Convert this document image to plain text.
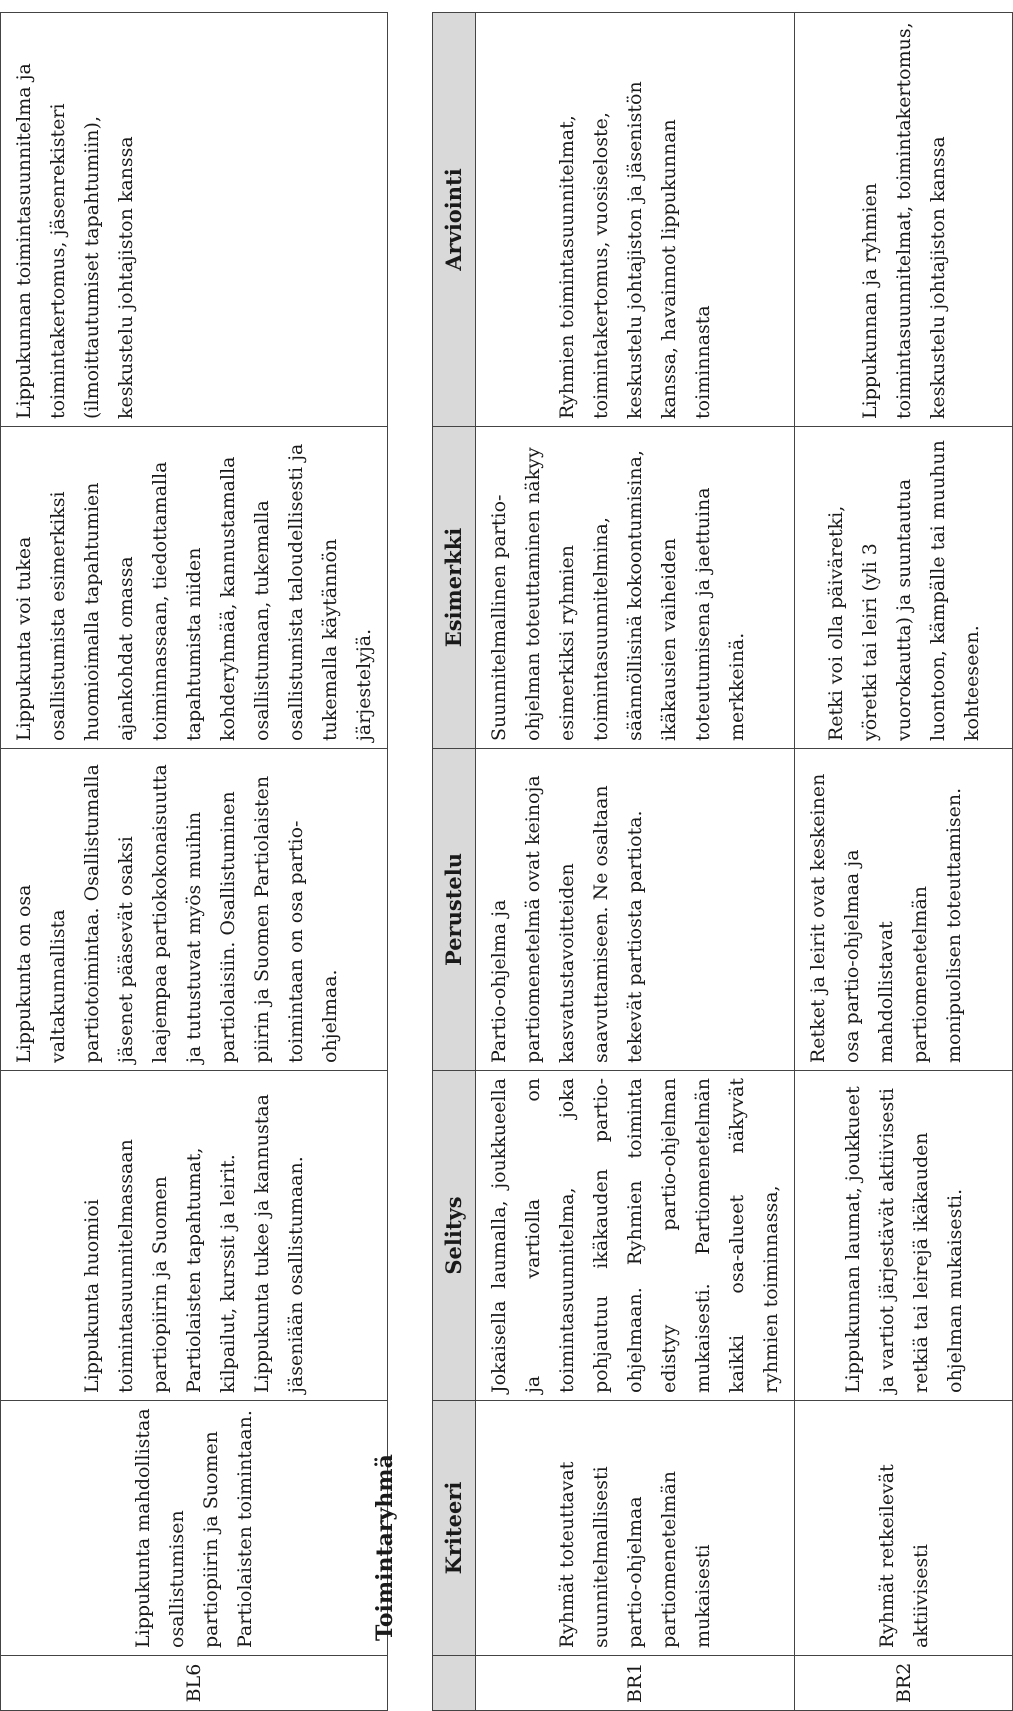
BL6	Lippukunta mahdollistaa osallistumisen partiopiirin ja Suomen Partiolaisten toimintaan.	Lippukunta huomioi toimintasuunnitelmassaan partiopiirin ja Suomen Partiolaisten tapahtumat, kilpailut, kurssit ja leirit. Lippukunta tukee ja kannustaa jäseniään osallistumaan.	Lippukunta on osa valtakunnallista partiotoimintaa. Osallistumalla jäsenet pääsevät osaksi laajempaa partiokokonaisuutta ja tutustuvat myös muihin partiolaisiin. Osallistuminen piirin ja Suomen Partiolaisten toimintaan on osa partio-ohjelmaa.	Lippukunta voi tukea osallistumista esimerkiksi huomioimalla tapahtumien ajankohdat omassa toiminnassaan, tiedottamalla tapahtumista niiden kohderyhmää, kannustamalla osallistumaan, tukemalla osallistumista taloudellisesti ja tukemalla käytännön järjestelyjä.	Lippukunnan toimintasuunnitelma ja toimintakertomus, jäsenrekisteri (ilmoittautumiset tapahtumiin), keskustelu johtajiston kanssa
Toimintaryhmä
	Kriteeri	Selitys	Perustelu	Esimerkki	Arviointi
BR1	Ryhmät toteuttavat suunnitelmallisesti partio-ohjelmaa partiomenetelmän mukaisesti	Jokaisella laumalla, joukkueella ja vartiolla on toimintasuunnitelma, joka pohjautuu ikäkauden partio-ohjelmaan. Ryhmien toiminta edistyy partio-ohjelman mukaisesti. Partiomenetelmän kaikki osa-alueet näkyvät ryhmien toiminnassa,	Partio-ohjelma ja partiomenetelmä ovat keinoja kasvatustavoitteiden saavuttamiseen. Ne osaltaan tekevät partiosta partiota.	Suunnitelmallinen partio-ohjelman toteuttaminen näkyy esimerkiksi ryhmien toimintasuunnitelmina, säännöllisinä kokoontumisina, ikäkausien vaiheiden toteutumisena ja jaettuina merkkeinä.	Ryhmien toimintasuunnitelmat, toimintakertomus, vuosiseloste, keskustelu johtajiston ja jäsenistön kanssa, havainnot lippukunnan toiminnasta
BR2	Ryhmät retkeilevät aktiivisesti	Lippukunnan laumat, joukkueet ja vartiot järjestävät aktiivisesti retkiä tai leirejä ikäkauden ohjelman mukaisesti.	Retket ja leirit ovat keskeinen osa partio-ohjelmaa ja mahdollistavat partiomenetelmän monipuolisen toteuttamisen.	Retki voi olla päiväretki, yöretki tai leiri (yli 3 vuorokautta) ja suuntautua luontoon, kämpälle tai muuhun kohteeseen.	Lippukunnan ja ryhmien toimintasuunnitelmat, toimintakertomus, keskustelu johtajiston kanssa
